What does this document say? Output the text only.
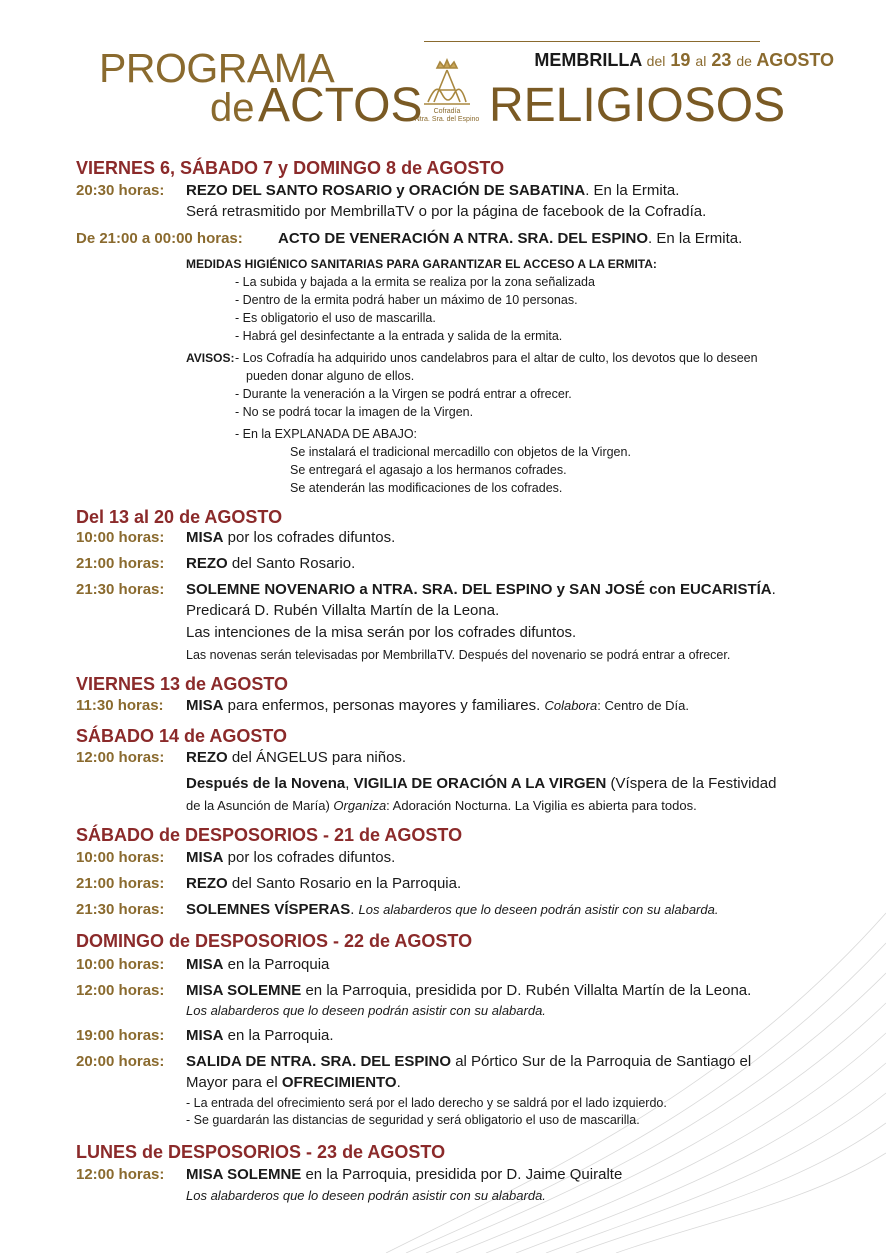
MEMBRILLA del 19 al 23 de AGOSTO
PROGRAMA
de ACTOS RELIGIOSOS
Cofradía
Ntra. Sra. del Espino
VIERNES 6, SÁBADO 7 y DOMINGO 8 de AGOSTO
20:30 horas: REZO DEL SANTO ROSARIO y ORACIÓN DE SABATINA. En la Ermita.
Será retrasmitido por MembrillaTV o por la página de facebook de la Cofradía.
De 21:00 a 00:00 horas: ACTO DE VENERACIÓN A NTRA. SRA. DEL ESPINO. En la Ermita.
MEDIDAS HIGIÉNICO SANITARIAS PARA GARANTIZAR EL ACCESO A LA ERMITA:
- La subida y bajada a la ermita se realiza por la zona señalizada
- Dentro de la ermita podrá haber un máximo de 10 personas.
- Es obligatorio el uso de mascarilla.
- Habrá gel desinfectante a la entrada y salida de la ermita.
AVISOS: - Los Cofradía ha adquirido unos candelabros para el altar de culto, los devotos que lo deseen
pueden donar alguno de ellos.
- Durante la veneración a la Virgen se podrá entrar a ofrecer.
- No se podrá tocar la imagen de la Virgen.
- En la EXPLANADA DE ABAJO:
Se instalará el tradicional mercadillo con objetos de la Virgen.
Se entregará el agasajo a los hermanos cofrades.
Se atenderán las modificaciones de los cofrades.
Del 13 al 20 de AGOSTO
10:00 horas: MISA por los cofrades difuntos.
21:00 horas: REZO del Santo Rosario.
21:30 horas: SOLEMNE NOVENARIO a NTRA. SRA. DEL ESPINO y SAN JOSÉ con EUCARISTÍA.
Predicará D. Rubén Villalta Martín de la Leona.
Las intenciones de la misa serán por los cofrades difuntos.
Las novenas serán televisadas por MembrillaTV. Después del novenario se podrá entrar a ofrecer.
VIERNES 13 de AGOSTO
11:30 horas: MISA para enfermos, personas mayores y familiares. Colabora: Centro de Día.
SÁBADO 14 de AGOSTO
12:00 horas: REZO del ÁNGELUS para niños.
Después de la Novena, VIGILIA DE ORACIÓN A LA VIRGEN (Víspera de la Festividad
de la Asunción de María) Organiza: Adoración Nocturna. La Vigilia es abierta para todos.
SÁBADO de DESPOSORIOS - 21 de AGOSTO
10:00 horas: MISA por los cofrades difuntos.
21:00 horas: REZO del Santo Rosario en la Parroquia.
21:30 horas: SOLEMNES VÍSPERAS. Los alabarderos que lo deseen podrán asistir con su alabarda.
DOMINGO de DESPOSORIOS - 22 de AGOSTO
10:00 horas: MISA en la Parroquia
12:00 horas: MISA SOLEMNE en la Parroquia, presidida por D. Rubén Villalta Martín de la Leona.
Los alabarderos que lo deseen podrán asistir con su alabarda.
19:00 horas: MISA en la Parroquia.
20:00 horas: SALIDA DE NTRA. SRA. DEL ESPINO al Pórtico Sur de la Parroquia de Santiago el
Mayor para el OFRECIMIENTO.
- La entrada del ofrecimiento será por el lado derecho y se saldrá por el lado izquierdo.
- Se guardarán las distancias de seguridad y será obligatorio el uso de mascarilla.
LUNES de DESPOSORIOS - 23 de AGOSTO
12:00 horas: MISA SOLEMNE en la Parroquia, presidida por D. Jaime Quiralte
Los alabarderos que lo deseen podrán asistir con su alabarda.
